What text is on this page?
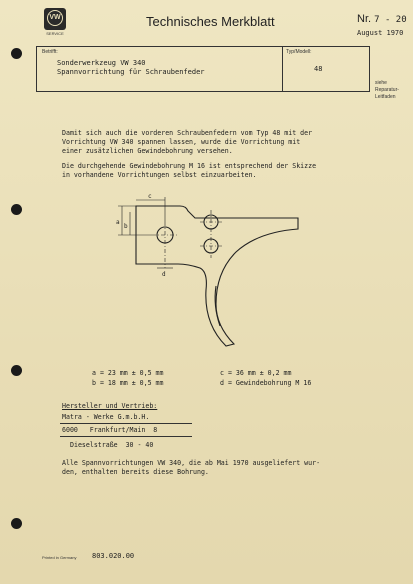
VW
SERVICE
Technisches Merkblatt	Nr. 7 - 20
August 1970
Betrifft:
Sonderwerkzeug VW 340
Spannvorrichtung für Schraubenfeder
Typ/Modell:
48
siehe
Reparatur-
Leitfaden
Damit sich auch die vorderen Schraubenfedern vom Typ 48 mit der
Vorrichtung VW 340 spannen lassen, wurde die Vorrichtung mit
einer zusätzlichen Gewindebohrung versehen.
Die durchgehende Gewindebohrung M 16 ist entsprechend der Skizze
in vorhandene Vorrichtungen selbst einzuarbeiten.
a
b
c
d
a = 23 mm ± 0,5 mm
b = 18 mm ± 0,5 mm
c = 36 mm ± 0,2 mm
d = Gewindebohrung M 16
Hersteller und Vertrieb:
Matra - Werke G.m.b.H.
6000   Frankfurt/Main  8
Dieselstraße  30 - 40
Alle Spannvorrichtungen VW 340, die ab Mai 1970 ausgeliefert wur-
den, enthalten bereits diese Bohrung.
Printed in Germany 803.020.00
